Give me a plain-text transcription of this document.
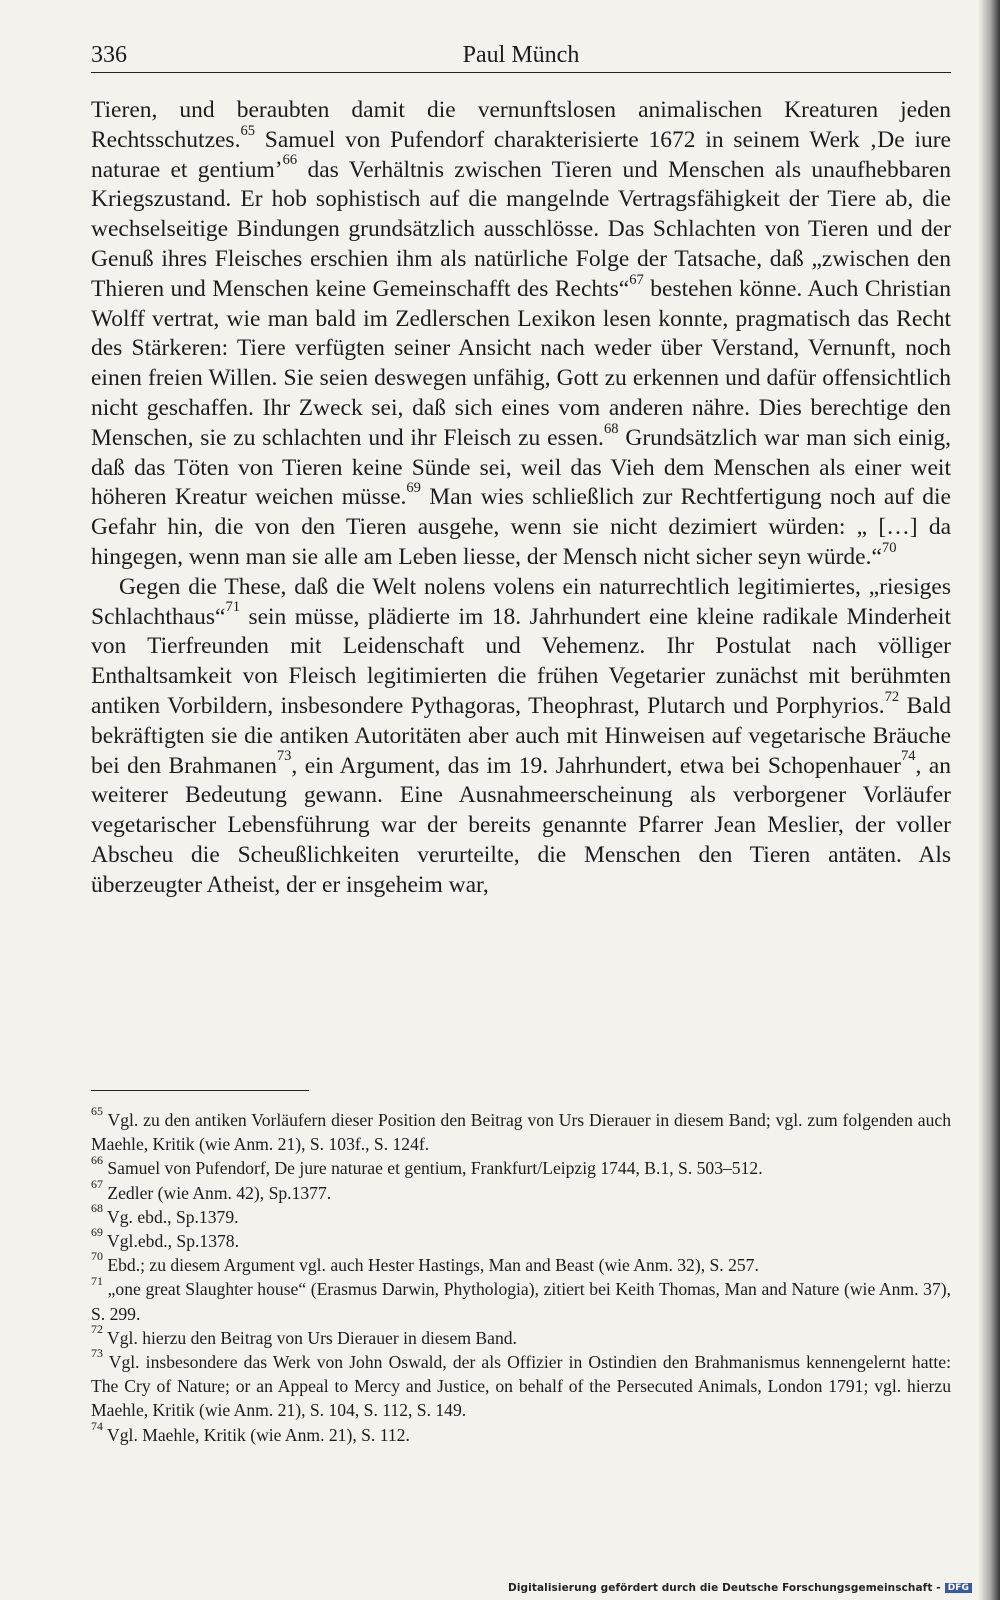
336	Paul Münch

Tieren, und beraubten damit die vernunftslosen animalischen Kreaturen jeden Rechtsschutzes.$^{65}$ Samuel von Pufendorf charakterisierte 1672 in seinem Werk ‚De iure naturae et gentium’$^{66}$ das Verhältnis zwischen Tieren und Menschen als unaufhebbaren Kriegszustand. Er hob sophistisch auf die mangelnde Vertragsfähigkeit der Tiere ab, die wechselseitige Bindungen grundsätzlich ausschlösse. Das Schlachten von Tieren und der Genuß ihres Fleisches erschien ihm als natürliche Folge der Tatsache, daß „zwischen den Thieren und Menschen keine Gemeinschafft des Rechts“$^{67}$ bestehen könne. Auch Christian Wolff vertrat, wie man bald im Zedlerschen Lexikon lesen konnte, pragmatisch das Recht des Stärkeren: Tiere verfügten seiner Ansicht nach weder über Verstand, Vernunft, noch einen freien Willen. Sie seien deswegen unfähig, Gott zu erkennen und dafür offensichtlich nicht geschaffen. Ihr Zweck sei, daß sich eines vom anderen nähre. Dies berechtige den Menschen, sie zu schlachten und ihr Fleisch zu essen.$^{68}$ Grundsätzlich war man sich einig, daß das Töten von Tieren keine Sünde sei, weil das Vieh dem Menschen als einer weit höheren Kreatur weichen müsse.$^{69}$ Man wies schließlich zur Rechtfertigung noch auf die Gefahr hin, die von den Tieren ausgehe, wenn sie nicht dezimiert würden: „ […] da hingegen, wenn man sie alle am Leben liesse, der Mensch nicht sicher seyn würde.“$^{70}$

Gegen die These, daß die Welt nolens volens ein naturrechtlich legitimiertes, „riesiges Schlachthaus“$^{71}$ sein müsse, plädierte im 18. Jahrhundert eine kleine radikale Minderheit von Tierfreunden mit Leidenschaft und Vehemenz. Ihr Postulat nach völliger Enthaltsamkeit von Fleisch legitimierten die frühen Vegetarier zunächst mit berühmten antiken Vorbildern, insbesondere Pythagoras, Theophrast, Plutarch und Porphyrios.$^{72}$ Bald bekräftigten sie die antiken Autoritäten aber auch mit Hinweisen auf vegetarische Bräuche bei den Brahmanen$^{73}$, ein Argument, das im 19. Jahrhundert, etwa bei Schopenhauer$^{74}$, an weiterer Bedeutung gewann. Eine Ausnahmeerscheinung als verborgener Vorläufer vegetarischer Lebensführung war der bereits genannte Pfarrer Jean Meslier, der voller Abscheu die Scheußlichkeiten verurteilte, die Menschen den Tieren antäten. Als überzeugter Atheist, der er insgeheim war,

$^{65}$ Vgl. zu den antiken Vorläufern dieser Position den Beitrag von Urs Dierauer in diesem Band; vgl. zum folgenden auch Maehle, Kritik (wie Anm. 21), S. 103f., S. 124f.
$^{66}$ Samuel von Pufendorf, De jure naturae et gentium, Frankfurt/Leipzig 1744, B.1, S. 503–512.
$^{67}$ Zedler (wie Anm. 42), Sp.1377.
$^{68}$ Vg. ebd., Sp.1379.
$^{69}$ Vgl.ebd., Sp.1378.
$^{70}$ Ebd.; zu diesem Argument vgl. auch Hester Hastings, Man and Beast (wie Anm. 32), S. 257.
$^{71}$ „one great Slaughter house“ (Erasmus Darwin, Phythologia), zitiert bei Keith Thomas, Man and Nature (wie Anm. 37), S. 299.
$^{72}$ Vgl. hierzu den Beitrag von Urs Dierauer in diesem Band.
$^{73}$ Vgl. insbesondere das Werk von John Oswald, der als Offizier in Ostindien den Brahmanismus kennengelernt hatte: The Cry of Nature; or an Appeal to Mercy and Justice, on behalf of the Persecuted Animals, London 1791; vgl. hierzu Maehle, Kritik (wie Anm. 21), S. 104, S. 112, S. 149.
$^{74}$ Vgl. Maehle, Kritik (wie Anm. 21), S. 112.
Digitalisierung gefördert durch die Deutsche Forschungsgemeinschaft - DFG
